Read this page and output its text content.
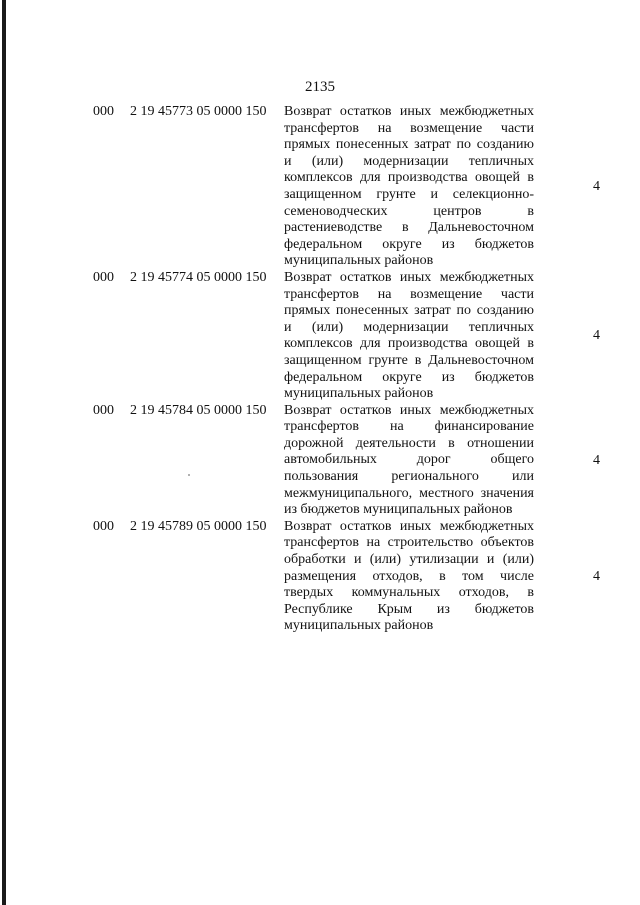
2135
000 2 19 45773 05 0000 150 Возврат остатков иных межбюджетных
трансфертов на возмещение части
прямых понесенных затрат по созданию
и (или) модернизации тепличных
комплексов для производства овощей в
защищенном грунте и селекционно-
семеноводческих центров в
растениеводстве в Дальневосточном
федеральном округе из бюджетов
муниципальных районов
4
000 2 19 45774 05 0000 150 Возврат остатков иных межбюджетных
трансфертов на возмещение части
прямых понесенных затрат по созданию
и (или) модернизации тепличных
комплексов для производства овощей в
защищенном грунте в Дальневосточном
федеральном округе из бюджетов
муниципальных районов
4
000 2 19 45784 05 0000 150 Возврат остатков иных межбюджетных
трансфертов на финансирование
дорожной деятельности в отношении
автомобильных дорог общего
пользования регионального или
межмуниципального, местного значения
из бюджетов муниципальных районов
4
000 2 19 45789 05 0000 150 Возврат остатков иных межбюджетных
трансфертов на строительство объектов
обработки и (или) утилизации и (или)
размещения отходов, в том числе
твердых коммунальных отходов, в
Республике Крым из бюджетов
муниципальных районов
4
